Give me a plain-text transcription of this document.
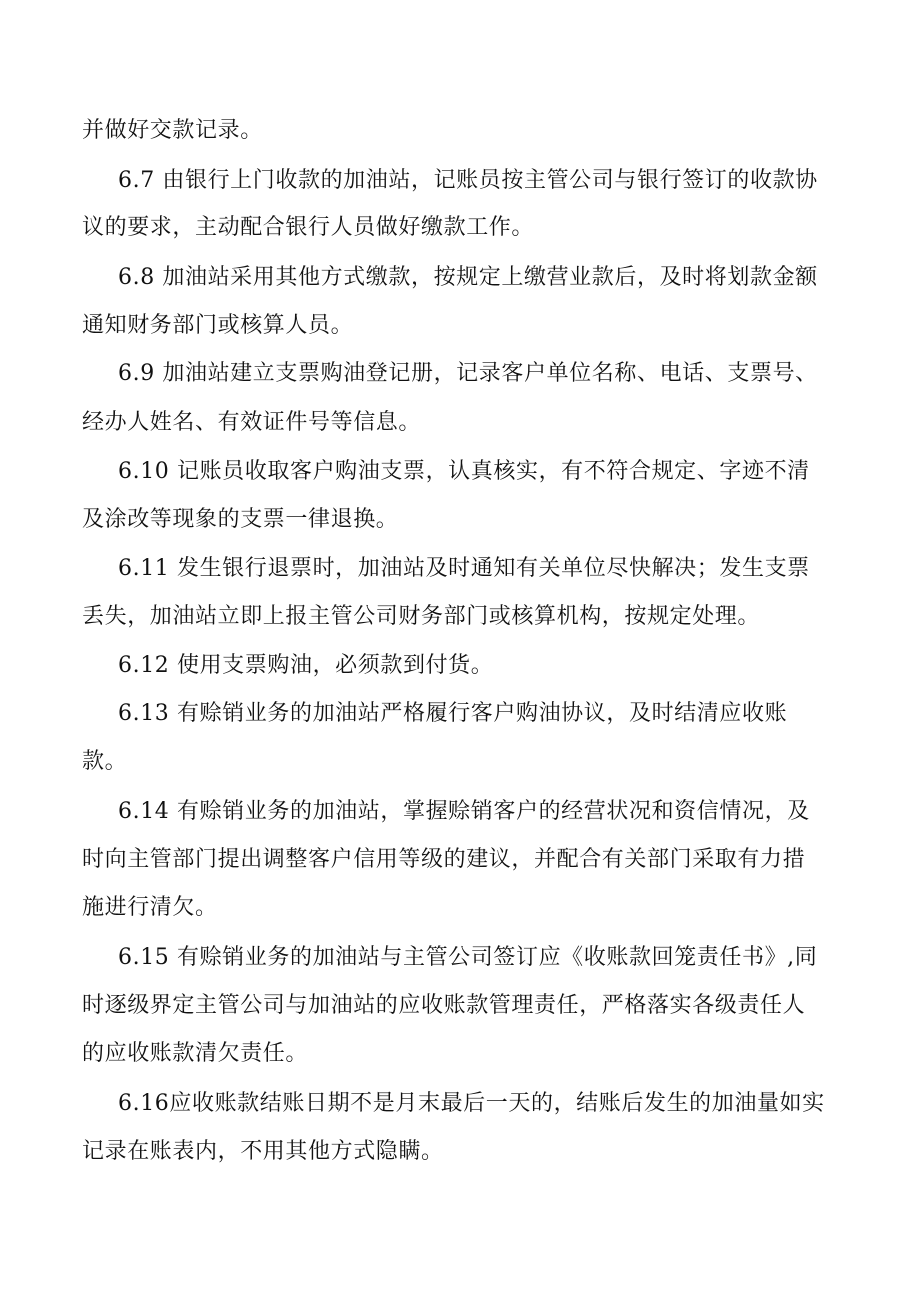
并做好交款记录。
6.7 由银行上门收款的加油站，记账员按主管公司与银行签订的收款协
议的要求，主动配合银行人员做好缴款工作。
6.8 加油站采用其他方式缴款，按规定上缴营业款后，及时将划款金额
通知财务部门或核算人员。
6.9 加油站建立支票购油登记册，记录客户单位名称、电话、支票号、
经办人姓名、有效证件号等信息。
6.10 记账员收取客户购油支票，认真核实，有不符合规定、字迹不清
及涂改等现象的支票一律退换。
6.11 发生银行退票时，加油站及时通知有关单位尽快解决；发生支票
丢失，加油站立即上报主管公司财务部门或核算机构，按规定处理。
6.12 使用支票购油，必须款到付货。
6.13 有赊销业务的加油站严格履行客户购油协议，及时结清应收账
款。
6.14 有赊销业务的加油站，掌握赊销客户的经营状况和资信情况，及
时向主管部门提出调整客户信用等级的建议，并配合有关部门采取有力措
施进行清欠。
6.15 有赊销业务的加油站与主管公司签订应《收账款回笼责任书》,同
时逐级界定主管公司与加油站的应收账款管理责任，严格落实各级责任人
的应收账款清欠责任。
6.16应收账款结账日期不是月末最后一天的，结账后发生的加油量如实
记录在账表内，不用其他方式隐瞒。
